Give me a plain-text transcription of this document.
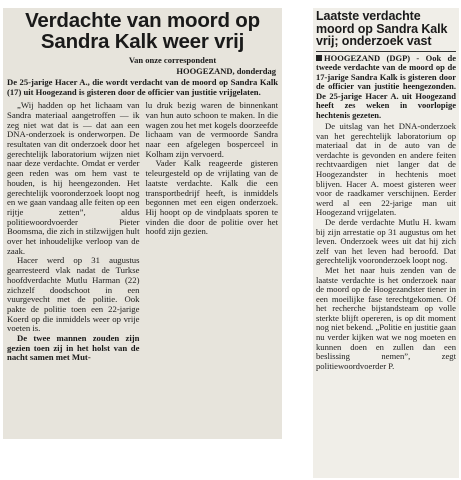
Verdachte van moord op Sandra Kalk weer vrij
Van onze correspondent
HOOGEZAND, donderdag
De 25-jarige Hacer A., die wordt verdacht van de moord op Sandra Kalk (17) uit Hoogezand is gisteren door de officier van justitie vrijgelaten.

„Wij hadden op het lichaam van Sandra materiaal aangetroffen — ik zeg niet wat dat is — dat aan een DNA-onderzoek is onderworpen. De resultaten van dit onderzoek door het gerechtelijk laboratorium wijzen niet naar deze verdachte. Omdat er verder geen reden was om hem vast te houden, is hij heengezonden. Het gerechtelijk vooronderzoek loopt nog en we gaan vandaag alle feiten op een rijtje zetten”, aldus politiewoordvoerder Pieter Boomsma, die zich in stilzwijgen hult over het inhoudelijke verloop van de zaak.

Hacer werd op 31 augustus gearresteerd vlak nadat de Turkse hoofdverdachte Mutlu Harman (22) zichzelf doodschoot in een vuurgevecht met de politie. Ook pakte de politie toen een 22-jarige Koerd op die inmiddels weer op vrije voeten is.

De twee mannen zouden zijn gezien toen zij in het holst van de nacht samen met Mut-

lu druk bezig waren de binnenkant van hun auto schoon te maken. In die wagen zou het met kogels doorzeefde lichaam van de vermoorde Sandra naar een afgelegen bosperceel in Kolham zijn vervoerd.

Vader Kalk reageerde gisteren teleurgesteld op de vrijlating van de laatste verdachte. Kalk die een transportbedrijf heeft, is inmiddels begonnen met een eigen onderzoek. Hij hoopt op de vindplaats sporen te vinden die door de politie over het hoofd zijn gezien.

Laatste verdachte moord op Sandra Kalk vrij; onderzoek vast
HOOGEZAND (DGP) - Ook de tweede verdachte van de moord op de 17-jarige Sandra Kalk is gisteren door de officier van justitie heengezonden. De 25-jarige Hacer A. uit Hoogezand heeft zes weken in voorlopige hechtenis gezeten.

De uitslag van het DNA-onderzoek van het gerechtelijk laboratorium op materiaal dat in de auto van de verdachte is gevonden en andere feiten rechtvaardigen niet langer dat de Hoogezandster in hechtenis moet blijven. Hacer A. moest gisteren weer voor de raadkamer verschijnen. Eerder werd al een 22-jarige man uit Hoogezand vrijgelaten.

De derde verdachte Mutlu H. kwam bij zijn arrestatie op 31 augustus om het leven. Onderzoek wees uit dat hij zich zelf van het leven had beroofd. Dat gerechtelijk vooronderzoek loopt nog.

Met het naar huis zenden van de laatste verdachte is het onderzoek naar de moord op de Hoogezandster tiener in een moeilijke fase terechtgekomen. Of het recherche bijstandsteam op volle sterkte blijft opereren, is op dit moment nog niet bekend. „Politie en justitie gaan nu verder kijken wat we nog moeten en kunnen doen en zullen dan een beslissing nemen”, zegt politiewoordvoerder P.
